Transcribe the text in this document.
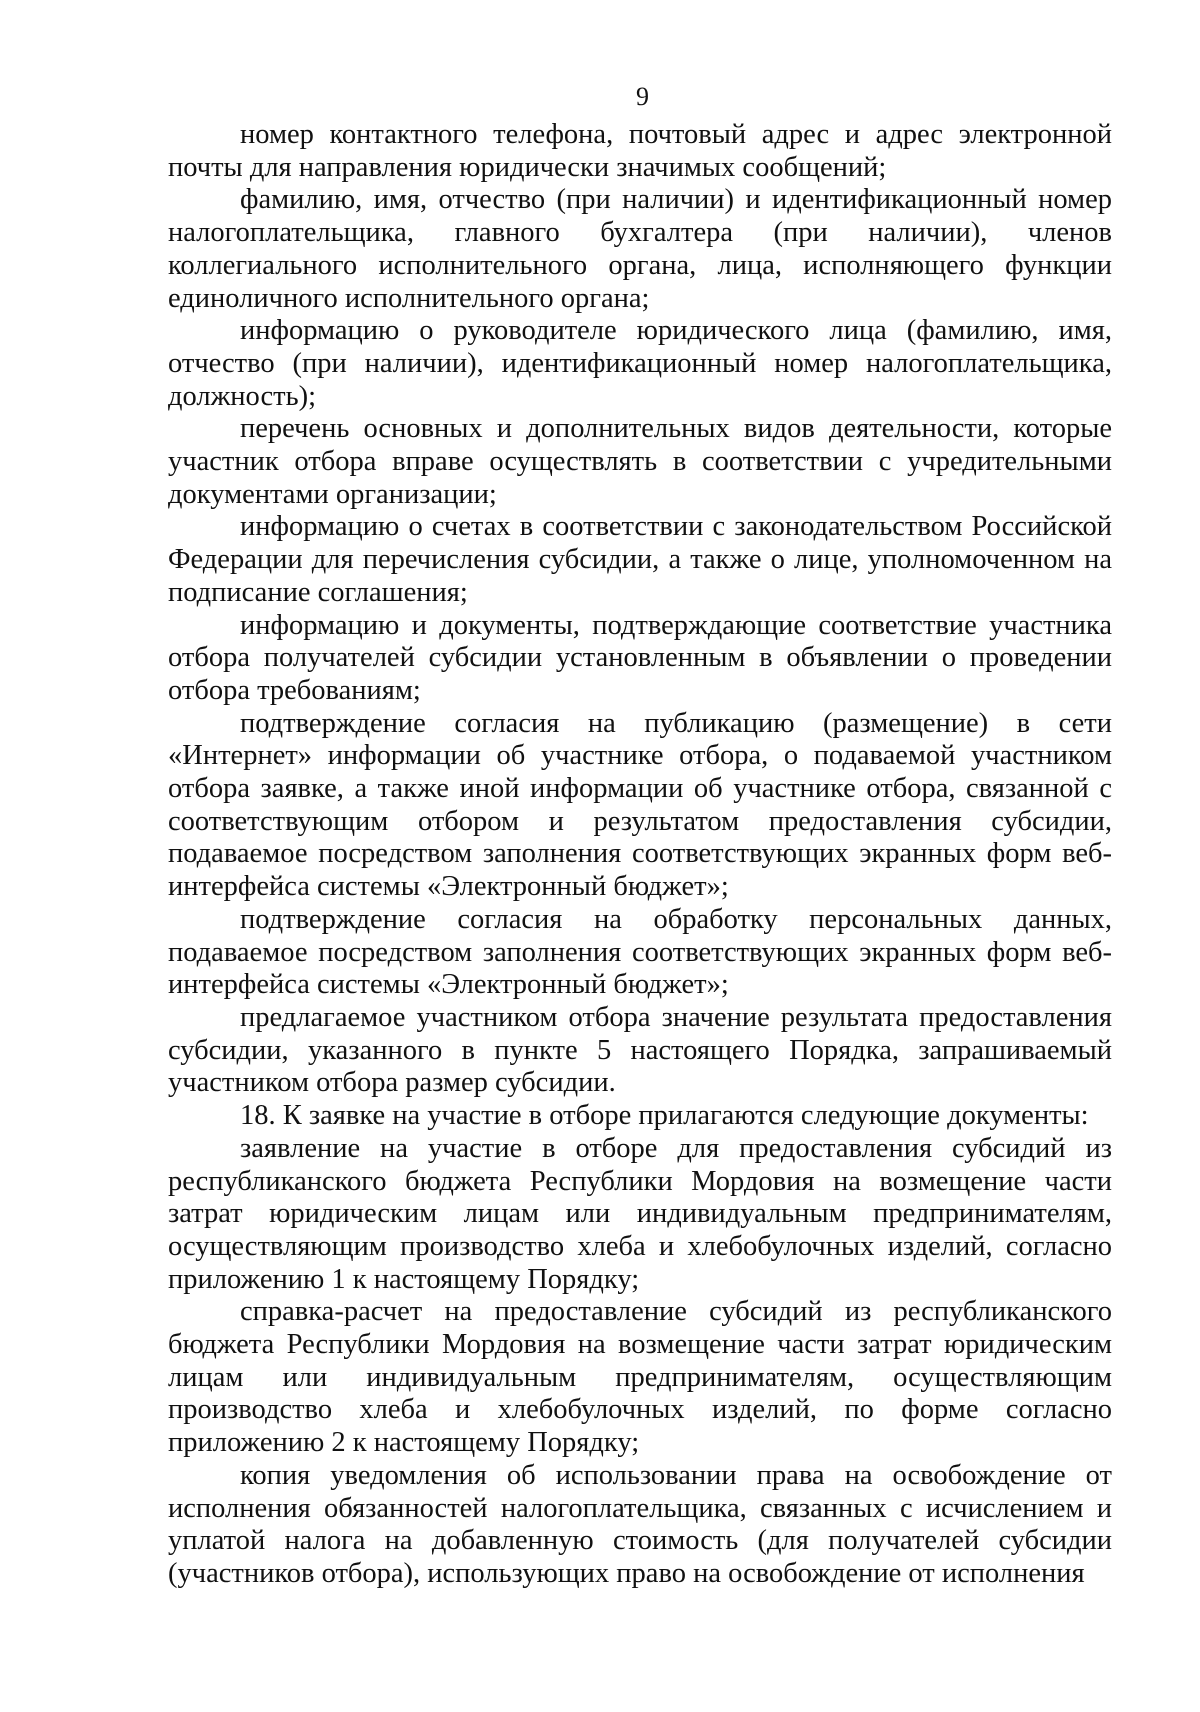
9

номер контактного телефона, почтовый адрес и адрес электронной почты для направления юридически значимых сообщений;

фамилию, имя, отчество (при наличии) и идентификационный номер налогоплательщика, главного бухгалтера (при наличии), членов коллегиального исполнительного органа, лица, исполняющего функции единоличного исполнительного органа;

информацию о руководителе юридического лица (фамилию, имя, отчество (при наличии), идентификационный номер налогоплательщика, должность);

перечень основных и дополнительных видов деятельности, которые участник отбора вправе осуществлять в соответствии с учредительными документами организации;

информацию о счетах в соответствии с законодательством Российской Федерации для перечисления субсидии, а также о лице, уполномоченном на подписание соглашения;

информацию и документы, подтверждающие соответствие участника отбора получателей субсидии установленным в объявлении о проведении отбора требованиям;

подтверждение согласия на публикацию (размещение) в сети «Интернет» информации об участнике отбора, о подаваемой участником отбора заявке, а также иной информации об участнике отбора, связанной с соответствующим отбором и результатом предоставления субсидии, подаваемое посредством заполнения соответствующих экранных форм веб-интерфейса системы «Электронный бюджет»;

подтверждение согласия на обработку персональных данных, подаваемое посредством заполнения соответствующих экранных форм веб-интерфейса системы «Электронный бюджет»;

предлагаемое участником отбора значение результата предоставления субсидии, указанного в пункте 5 настоящего Порядка, запрашиваемый участником отбора размер субсидии.

18. К заявке на участие в отборе прилагаются следующие документы:

заявление на участие в отборе для предоставления субсидий из республиканского бюджета Республики Мордовия на возмещение части затрат юридическим лицам или индивидуальным предпринимателям, осуществляющим производство хлеба и хлебобулочных изделий, согласно приложению 1 к настоящему Порядку;

справка-расчет на предоставление субсидий из республиканского бюджета Республики Мордовия на возмещение части затрат юридическим лицам или индивидуальным предпринимателям, осуществляющим производство хлеба и хлебобулочных изделий, по форме согласно приложению 2 к настоящему Порядку;

копия уведомления об использовании права на освобождение от исполнения обязанностей налогоплательщика, связанных с исчислением и уплатой налога на добавленную стоимость (для получателей субсидии (участников отбора), использующих право на освобождение от исполнения
